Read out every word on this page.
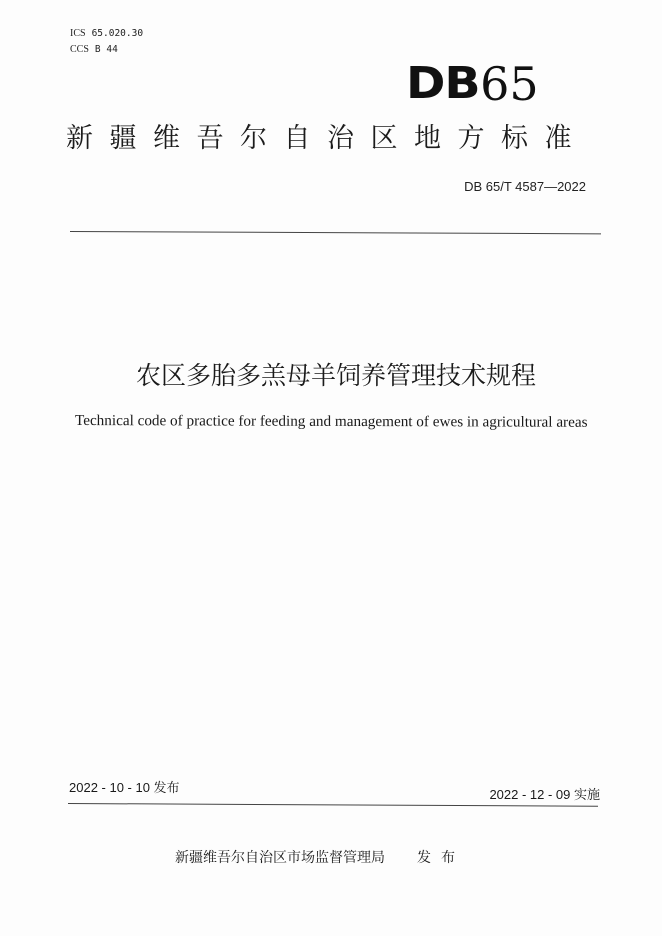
ICS 65.020.30
CCS B 44
DB 65
新疆维吾尔自治区地方标准
DB 65/T 4587—2022
农区多胎多羔母羊饲养管理技术规程
Technical code of practice for feeding and management of ewes in agricultural areas
2022 - 10 - 10 发布	2022 - 12 - 09 实施
新疆维吾尔自治区市场监督管理局 发布
